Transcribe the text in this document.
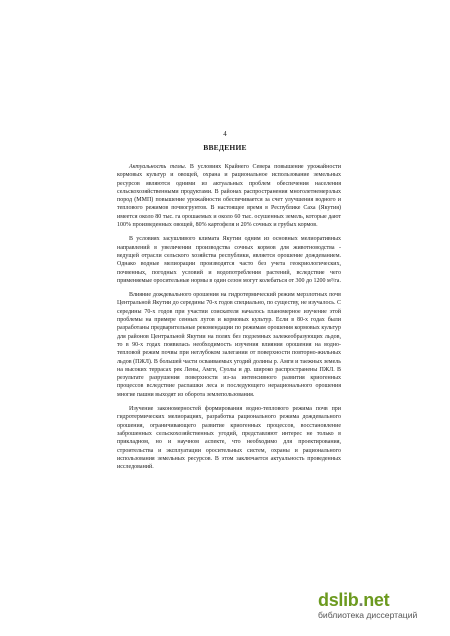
4
ВВЕДЕНИЕ

Актуальность темы. В условиях Крайнего Севера повышение урожайности кормовых культур и овощей, охрана и рациональное использование земельных ресурсов являются одними из актуальных проблем обеспечения населения сельскохозяйственными продуктами. В районах распространения многолетнемерзлых пород (ММП) повышение урожайности обеспечивается за счет улучшения водного и теплового режимов почвогрунтов. В настоящее время в Республике Саха (Якутия) имеется около 80 тыс. га орошаемых и около 60 тыс. осушенных земель, которые дают 100% произведенных овощей, 80% картофеля и 20% сочных и грубых кормов.

В условиях засушливого климата Якутии одним из основных мелиоративных направлений в увеличении производства сочных кормов для животноводства - ведущей отрасли сельского хозяйства республики, является орошение дождеванием. Однако водные мелиорации производятся часто без учета геокриологических, почвенных, погодных условий и водопотребления растений, вследствие чего применяемые оросительные нормы в один сезон могут колебаться от 300 до 1200 м³/га.

Влияние дождевального орошения на гидротермический режим мерзлотных почв Центральной Якутии до середины 70-х годов специально, по существу, не изучалось. С середины 70-х годов при участии соискателя началось планомерное изучение этой проблемы на примере сенных лугов и кормовых культур. Если в 80-х годах были разработаны предварительные рекомендации по режимам орошения кормовых культур для районов Центральной Якутии на полях без подземных залежеобразующих льдов, то в 90-х годах появилась необходимость изучения влияния орошения на водно-тепловой режим почвы при неглубоком залегании от поверхности повторно-жильных льдов (ПЖЛ). В большей части осваиваемых угодий долины р. Амги и таежных земель на высоких террасах рек Лены, Амги, Суолы и др. широко распространены ПЖЛ. В результате разрушения поверхности из-за интенсивного развития криогенных процессов вследствие распашки леса и последующего нерационального орошения многие пашни выходят из оборота землепользования.

Изучение закономерностей формирования водно-теплового режима почв при гидротермических мелиорациях, разработка рационального режима дождевального орошения, ограничивающего развитие криогенных процессов, восстановление заброшенных сельскохозяйственных угодий, представляют интерес не только в прикладном, но и научном аспекте, что необходимо для проектирования, строительства и эксплуатации оросительных систем, охраны и рационального использования земельных ресурсов. В этом заключается актуальность проведенных исследований.

dslib.net
библиотека диссертаций
